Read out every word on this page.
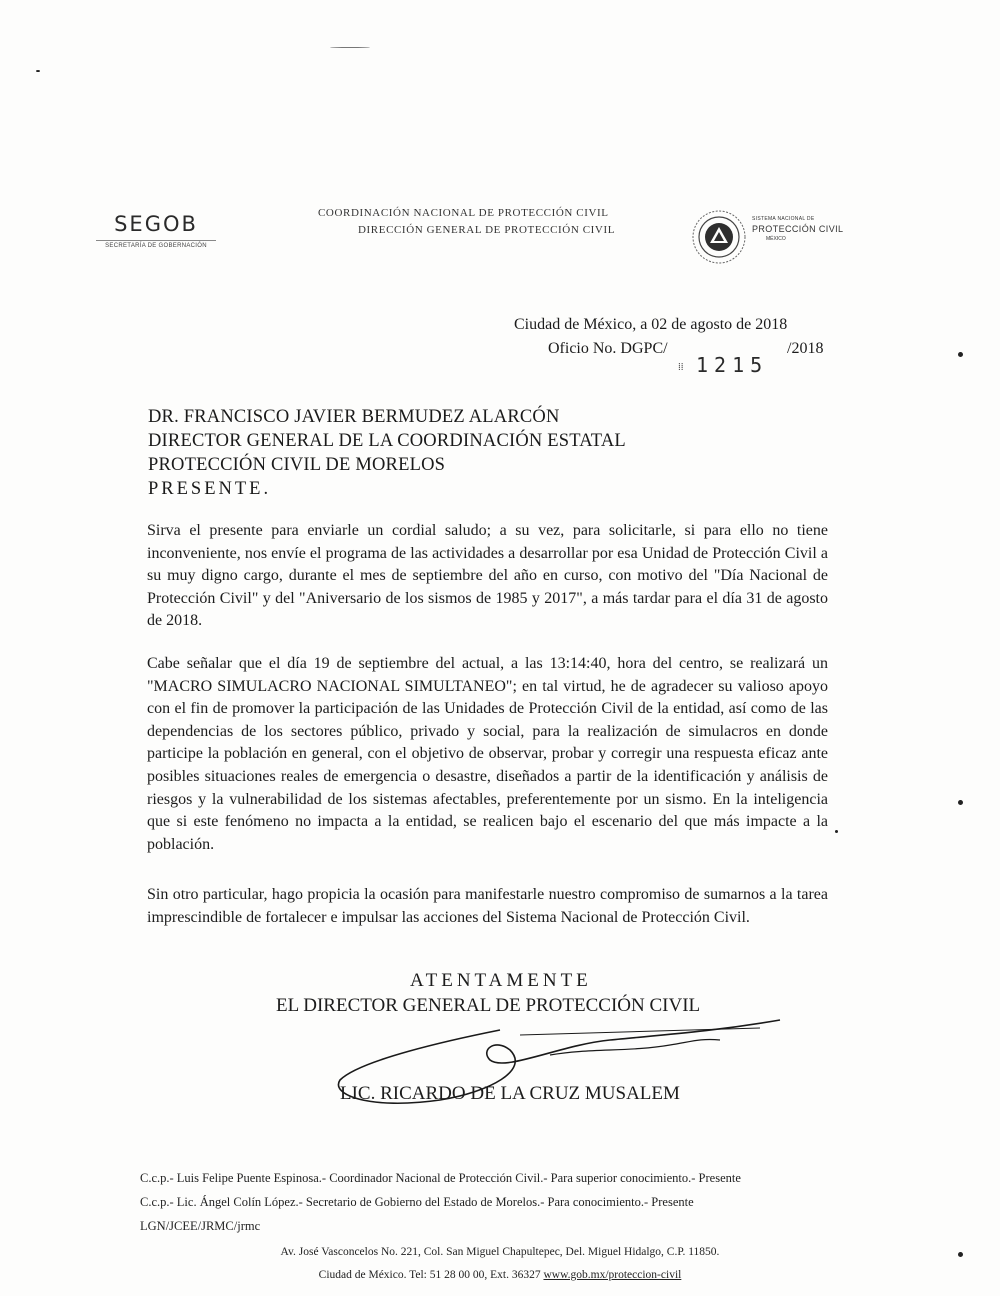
SEGOB
SECRETARÍA DE GOBERNACIÓN
COORDINACIÓN NACIONAL DE PROTECCIÓN CIVIL
DIRECCIÓN GENERAL DE PROTECCIÓN CIVIL
SISTEMA NACIONAL DE
PROTECCIÓN CIVIL
MÉXICO
Ciudad de México, a 02 de agosto de 2018
Oficio No. DGPC/
⁞⁞ 1215
/2018
DR. FRANCISCO JAVIER BERMUDEZ ALARCÓN
DIRECTOR GENERAL DE LA COORDINACIÓN ESTATAL
PROTECCIÓN CIVIL DE MORELOS
PRESENTE.
Sirva el presente para enviarle un cordial saludo; a su vez, para solicitarle, si para ello no tiene inconveniente, nos envíe el programa de las actividades a desarrollar por esa Unidad de Protección Civil a su muy digno cargo, durante el mes de septiembre del año en curso, con motivo del "Día Nacional de Protección Civil" y del "Aniversario de los sismos de 1985 y 2017", a más tardar para el día 31 de agosto de 2018.
Cabe señalar que el día 19 de septiembre del actual, a las 13:14:40, hora del centro, se realizará un "MACRO SIMULACRO NACIONAL SIMULTANEO"; en tal virtud, he de agradecer su valioso apoyo con el fin de promover la participación de las Unidades de Protección Civil de la entidad, así como de las dependencias de los sectores público, privado y social, para la realización de simulacros en donde participe la población en general, con el objetivo de observar, probar y corregir una respuesta eficaz ante posibles situaciones reales de emergencia o desastre, diseñados a partir de la identificación y análisis de riesgos y la vulnerabilidad de los sistemas afectables, preferentemente por un sismo. En la inteligencia que si este fenómeno no impacta a la entidad, se realicen bajo el escenario del que más impacte a la población.
Sin otro particular, hago propicia la ocasión para manifestarle nuestro compromiso de sumarnos a la tarea imprescindible de fortalecer e impulsar las acciones del Sistema Nacional de Protección Civil.
ATENTAMENTE
EL DIRECTOR GENERAL DE PROTECCIÓN CIVIL
LIC. RICARDO DE LA CRUZ MUSALEM
C.c.p.- Luis Felipe Puente Espinosa.- Coordinador Nacional de Protección Civil.- Para superior conocimiento.- Presente
C.c.p.- Lic. Ángel Colín López.- Secretario de Gobierno del Estado de Morelos.- Para conocimiento.- Presente
LGN/JCEE/JRMC/jrmc
Av. José Vasconcelos No. 221, Col. San Miguel Chapultepec, Del. Miguel Hidalgo, C.P. 11850.
Ciudad de México. Tel: 51 28 00 00, Ext. 36327 www.gob.mx/proteccion-civil
